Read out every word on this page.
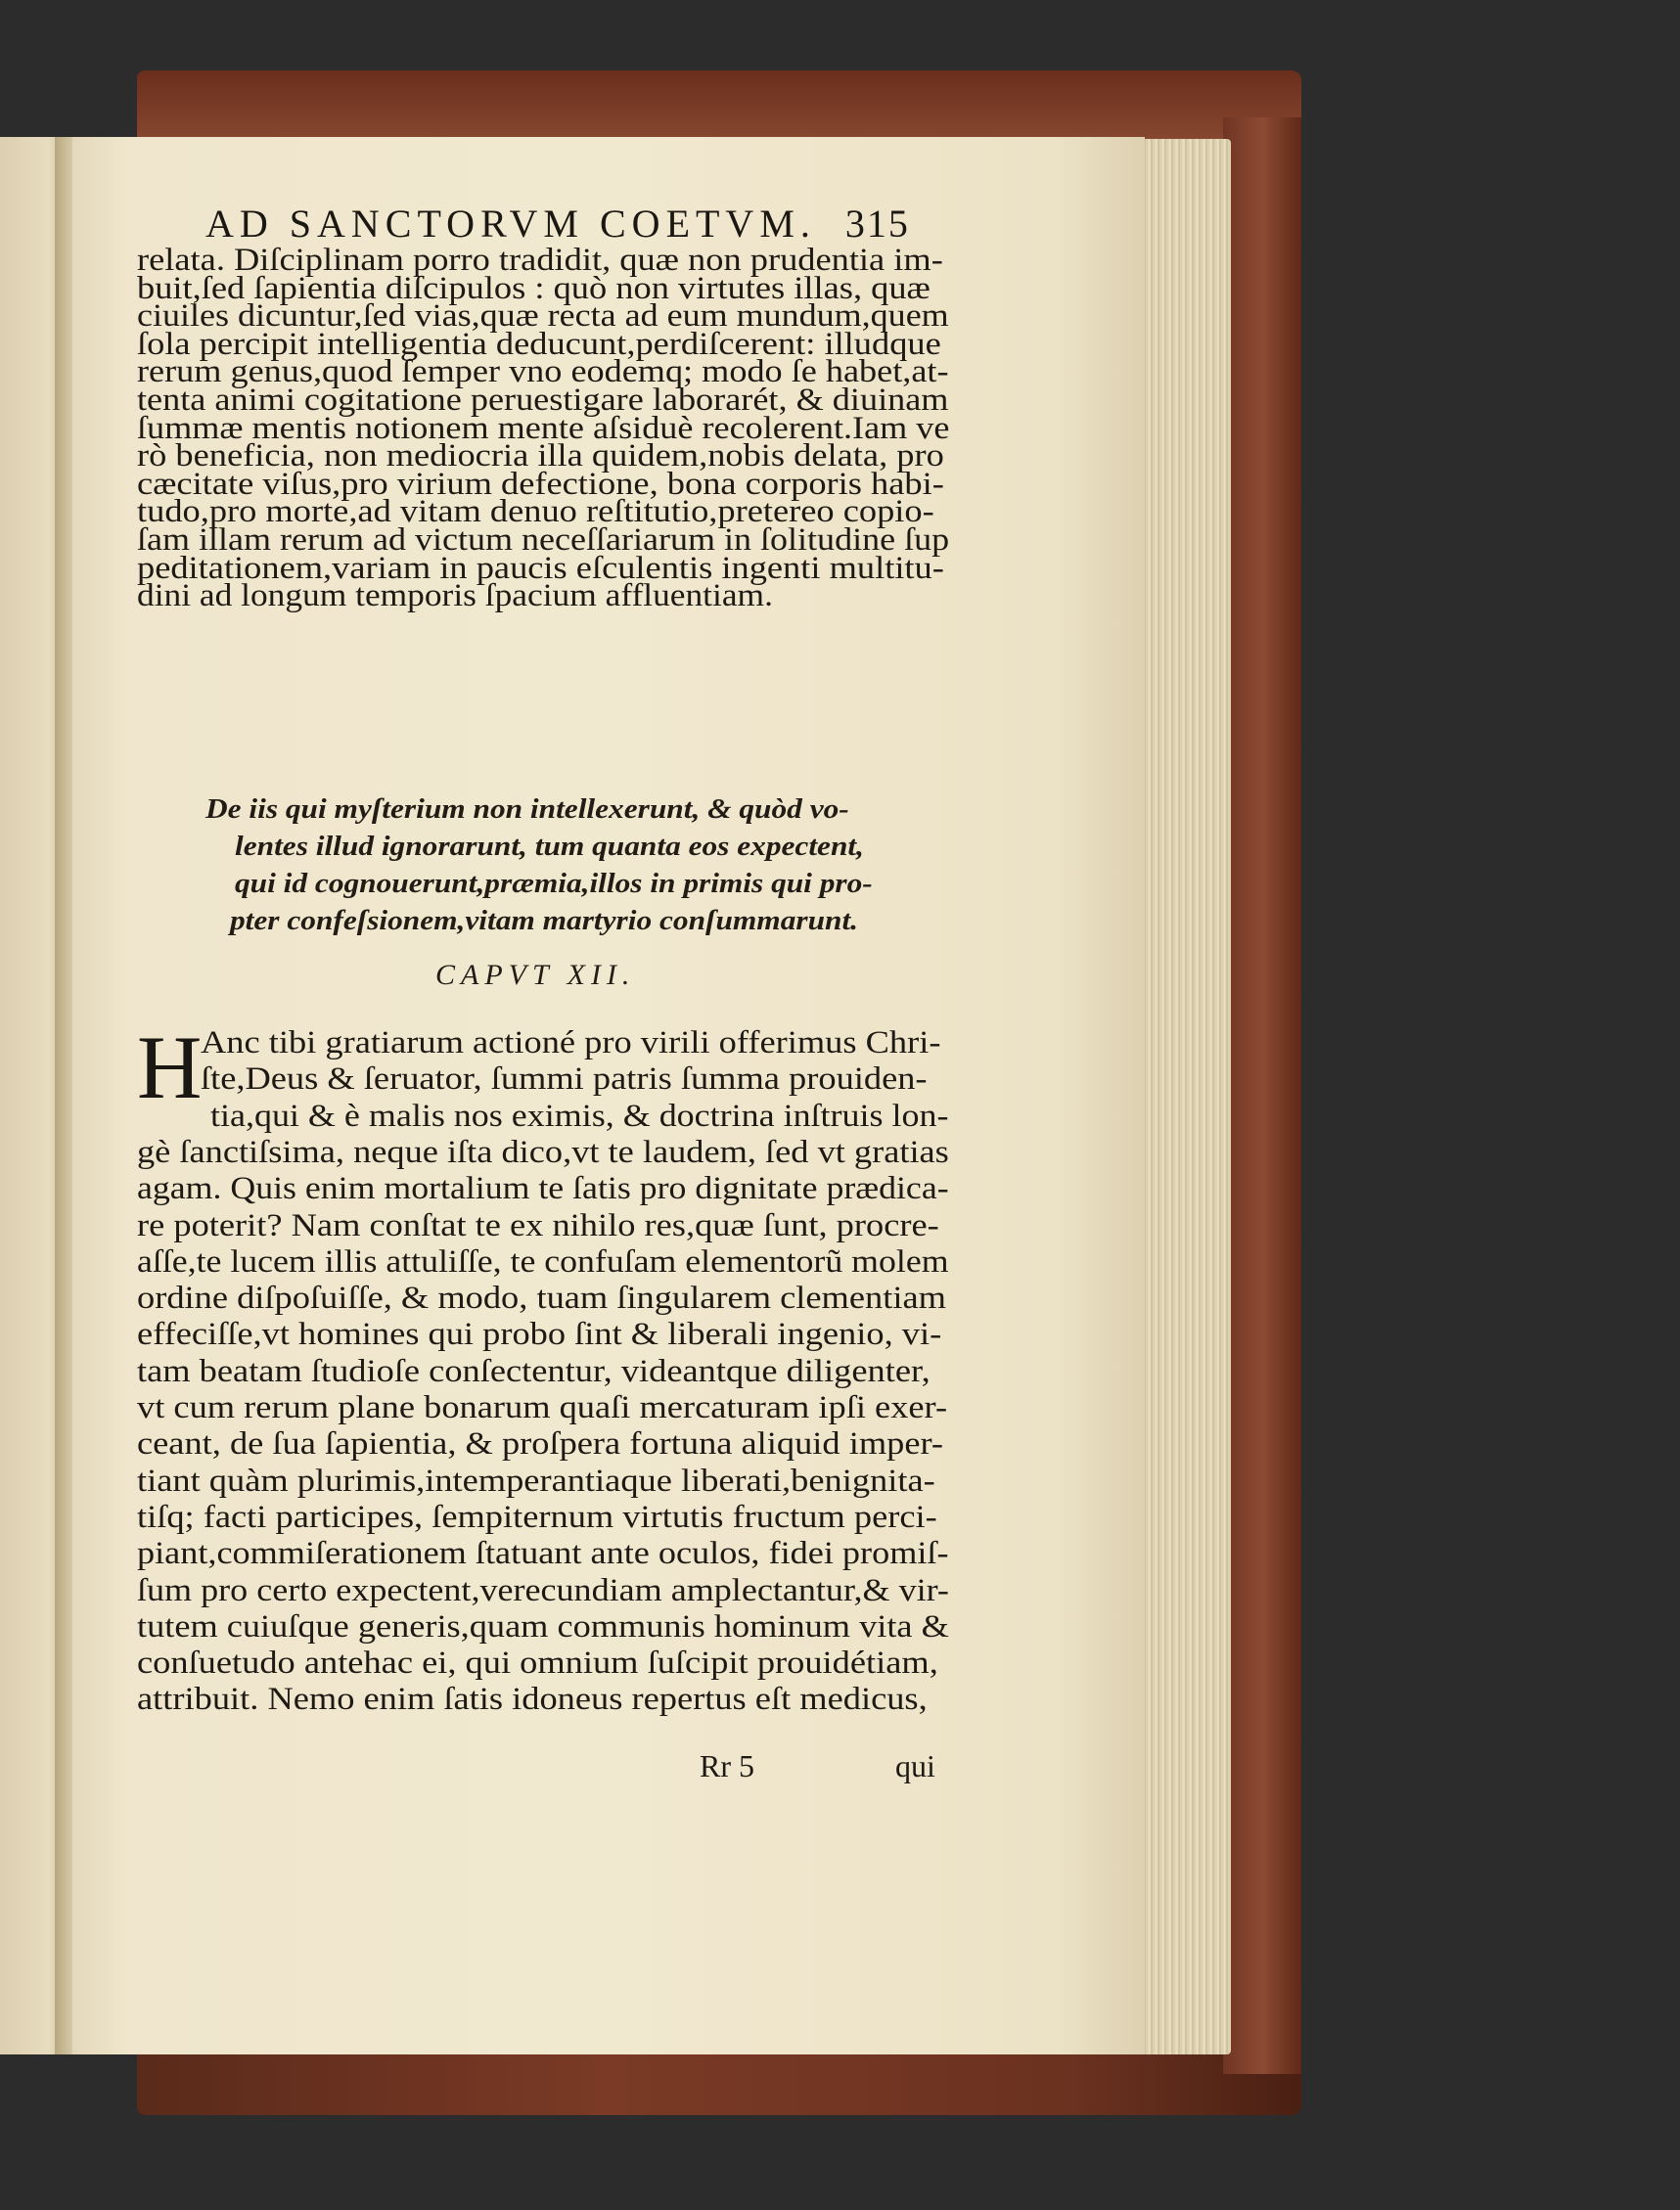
AD SANCTORVM COETVM. 315
relata. Diſciplinam porro tradidit, quæ non prudentia im-
buit,ſed ſapientia diſcipulos : quò non virtutes illas, quæ
ciuiles dicuntur,ſed vias,quæ recta ad eum mundum,quem
ſola percipit intelligentia deducunt,perdiſcerent: illudque
rerum genus,quod ſemper vno eodemq; modo ſe habet,at-
tenta animi cogitatione peruestigare laborarét, & diuinam
ſummæ mentis notionem mente aſsiduè recolerent.Iam ve
rò beneficia, non mediocria illa quidem,nobis delata, pro
cæcitate viſus,pro virium defectione, bona corporis habi-
tudo,pro morte,ad vitam denuo reſtitutio,pretereo copio-
ſam illam rerum ad victum neceſſariarum in ſolitudine ſup
peditationem,variam in paucis eſculentis ingenti multitu-
dini ad longum temporis ſpacium affluentiam.
De iis qui myſterium non intellexerunt, & quòd vo-
lentes illud ignorarunt, tum quanta eos expectent,
qui id cognouerunt,præmia,illos in primis qui pro-
pter confeſsionem,vitam martyrio conſummarunt.
CAPVT XII.
H
Anc tibi gratiarum actioné pro virili offerimus Chri-
ſte,Deus & ſeruator, ſummi patris ſumma prouiden-
tia,qui & è malis nos eximis, & doctrina inſtruis lon-
gè ſanctiſsima, neque iſta dico,vt te laudem, ſed vt gratias
agam. Quis enim mortalium te ſatis pro dignitate prædica-
re poterit? Nam conſtat te ex nihilo res,quæ ſunt, procre-
aſſe,te lucem illis attuliſſe, te confuſam elementorũ molem
ordine diſpoſuiſſe, & modo, tuam ſingularem clementiam
effeciſſe,vt homines qui probo ſint & liberali ingenio, vi-
tam beatam ſtudioſe conſectentur, videantque diligenter,
vt cum rerum plane bonarum quaſi mercaturam ipſi exer-
ceant, de ſua ſapientia, & proſpera fortuna aliquid imper-
tiant quàm plurimis,intemperantiaque liberati,benignita-
tiſq; facti participes, ſempiternum virtutis fructum perci-
piant,commiſerationem ſtatuant ante oculos, fidei promiſ-
ſum pro certo expectent,verecundiam amplectantur,& vir-
tutem cuiuſque generis,quam communis hominum vita &
conſuetudo antehac ei, qui omnium ſuſcipit prouidétiam,
attribuit. Nemo enim ſatis idoneus repertus eſt medicus,
Rr 5	qui
